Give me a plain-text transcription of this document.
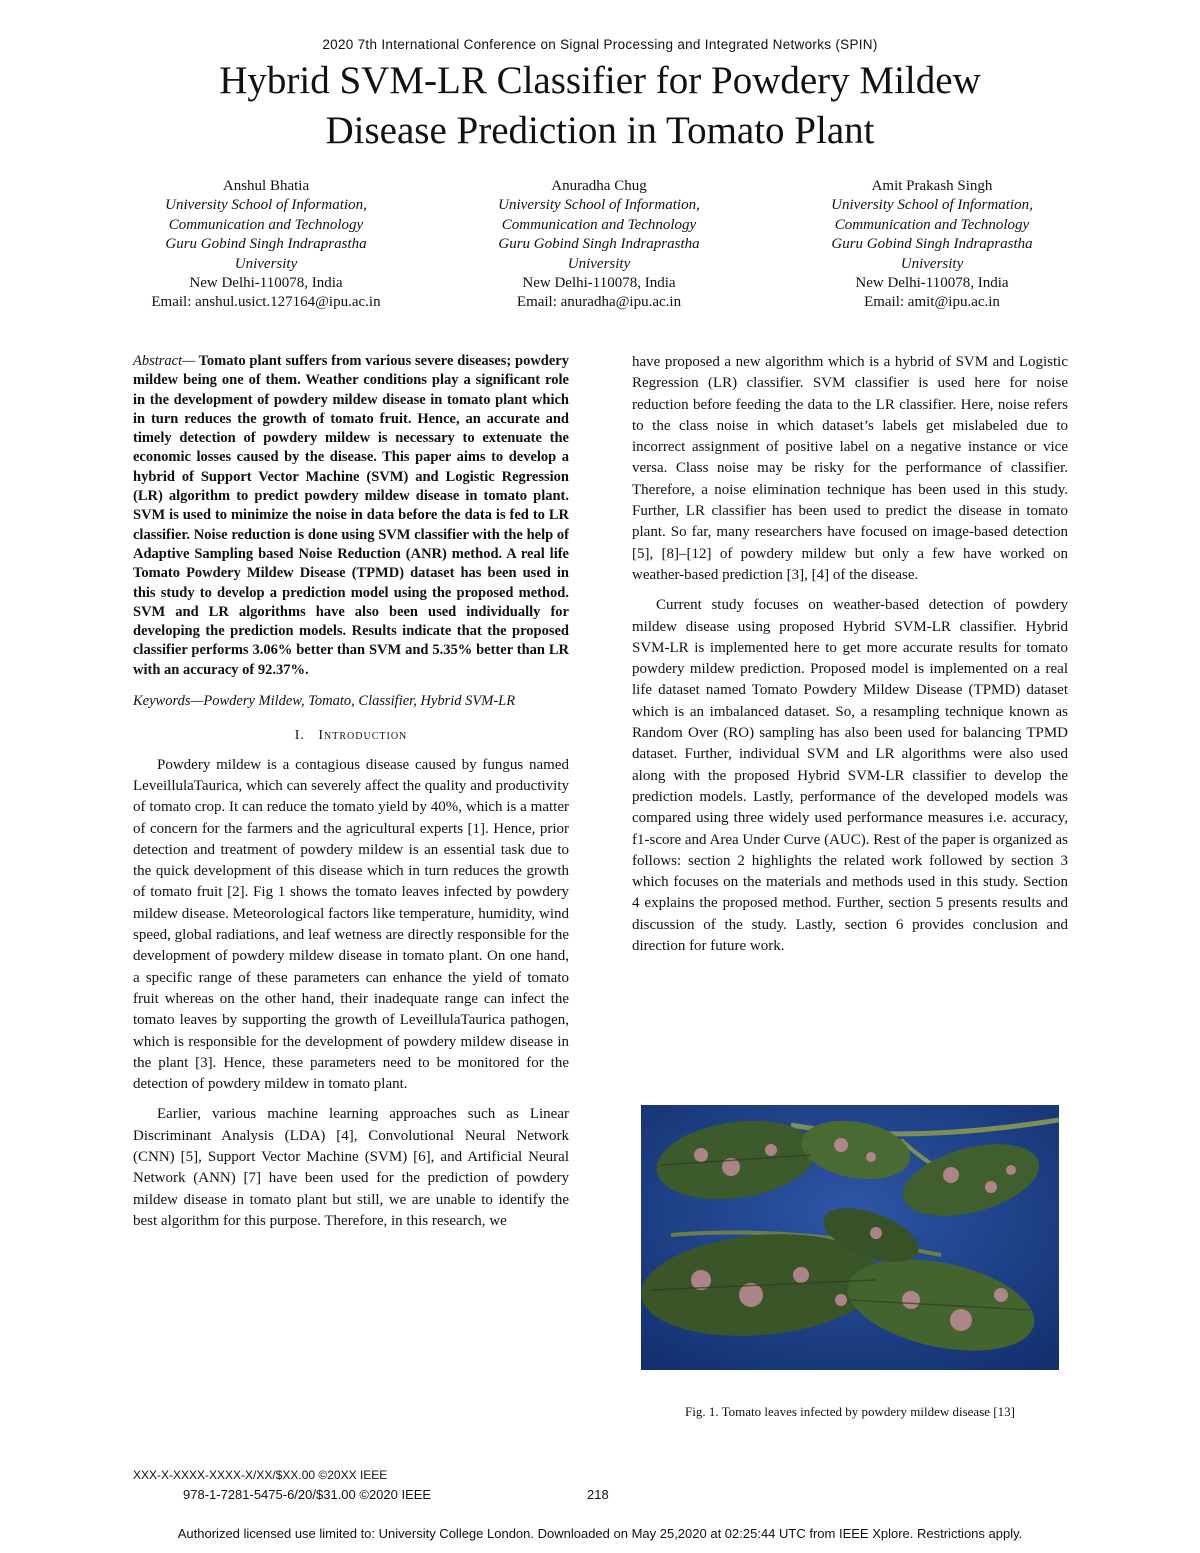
2020 7th International Conference on Signal Processing and Integrated Networks (SPIN)
Hybrid SVM-LR Classifier for Powdery Mildew
Disease Prediction in Tomato Plant
Anshul Bhatia
University School of Information,
Communication and Technology
Guru Gobind Singh Indraprastha
University
New Delhi-110078, India
Email: anshul.usict.127164@ipu.ac.in
Anuradha Chug
University School of Information,
Communication and Technology
Guru Gobind Singh Indraprastha
University
New Delhi-110078, India
Email: anuradha@ipu.ac.in
Amit Prakash Singh
University School of Information,
Communication and Technology
Guru Gobind Singh Indraprastha
University
New Delhi-110078, India
Email: amit@ipu.ac.in

Abstract— Tomato plant suffers from various severe diseases; powdery mildew being one of them. Weather conditions play a significant role in the development of powdery mildew disease in tomato plant which in turn reduces the growth of tomato fruit. Hence, an accurate and timely detection of powdery mildew is necessary to extenuate the economic losses caused by the disease. This paper aims to develop a hybrid of Support Vector Machine (SVM) and Logistic Regression (LR) algorithm to predict powdery mildew disease in tomato plant. SVM is used to minimize the noise in data before the data is fed to LR classifier. Noise reduction is done using SVM classifier with the help of Adaptive Sampling based Noise Reduction (ANR) method. A real life Tomato Powdery Mildew Disease (TPMD) dataset has been used in this study to develop a prediction model using the proposed method. SVM and LR algorithms have also been used individually for developing the prediction models. Results indicate that the proposed classifier performs 3.06% better than SVM and 5.35% better than LR with an accuracy of 92.37%.

Keywords—Powdery Mildew, Tomato, Classifier, Hybrid SVM-LR

I. Introduction

Powdery mildew is a contagious disease caused by fungus named LeveillulaTaurica, which can severely affect the quality and productivity of tomato crop. It can reduce the tomato yield by 40%, which is a matter of concern for the farmers and the agricultural experts [1]. Hence, prior detection and treatment of powdery mildew is an essential task due to the quick development of this disease which in turn reduces the growth of tomato fruit [2]. Fig 1 shows the tomato leaves infected by powdery mildew disease. Meteorological factors like temperature, humidity, wind speed, global radiations, and leaf wetness are directly responsible for the development of powdery mildew disease in tomato plant. On one hand, a specific range of these parameters can enhance the yield of tomato fruit whereas on the other hand, their inadequate range can infect the tomato leaves by supporting the growth of LeveillulaTaurica pathogen, which is responsible for the development of powdery mildew disease in the plant [3]. Hence, these parameters need to be monitored for the detection of powdery mildew in tomato plant.

Earlier, various machine learning approaches such as Linear Discriminant Analysis (LDA) [4], Convolutional Neural Network (CNN) [5], Support Vector Machine (SVM) [6], and Artificial Neural Network (ANN) [7] have been used for the prediction of powdery mildew disease in tomato plant but still, we are unable to identify the best algorithm for this purpose. Therefore, in this research, we

have proposed a new algorithm which is a hybrid of SVM and Logistic Regression (LR) classifier. SVM classifier is used here for noise reduction before feeding the data to the LR classifier. Here, noise refers to the class noise in which dataset’s labels get mislabeled due to incorrect assignment of positive label on a negative instance or vice versa. Class noise may be risky for the performance of classifier. Therefore, a noise elimination technique has been used in this study. Further, LR classifier has been used to predict the disease in tomato plant. So far, many researchers have focused on image-based detection [5], [8]–[12] of powdery mildew but only a few have worked on weather-based prediction [3], [4] of the disease.

Current study focuses on weather-based detection of powdery mildew disease using proposed Hybrid SVM-LR classifier. Hybrid SVM-LR is implemented here to get more accurate results for tomato powdery mildew prediction. Proposed model is implemented on a real life dataset named Tomato Powdery Mildew Disease (TPMD) dataset which is an imbalanced dataset. So, a resampling technique known as Random Over (RO) sampling has also been used for balancing TPMD dataset. Further, individual SVM and LR algorithms were also used along with the proposed Hybrid SVM-LR classifier to develop the prediction models. Lastly, performance of the developed models was compared using three widely used performance measures i.e. accuracy, f1-score and Area Under Curve (AUC). Rest of the paper is organized as follows: section 2 highlights the related work followed by section 3 which focuses on the materials and methods used in this study. Section 4 explains the proposed method. Further, section 5 presents results and discussion of the study. Lastly, section 6 provides conclusion and direction for future work.

Fig. 1. Tomato leaves infected by powdery mildew disease [13]
XXX-X-XXXX-XXXX-X/XX/$XX.00 ©20XX IEEE
978-1-7281-5475-6/20/$31.00 ©2020 IEEE	218
Authorized licensed use limited to: University College London. Downloaded on May 25,2020 at 02:25:44 UTC from IEEE Xplore. Restrictions apply.
